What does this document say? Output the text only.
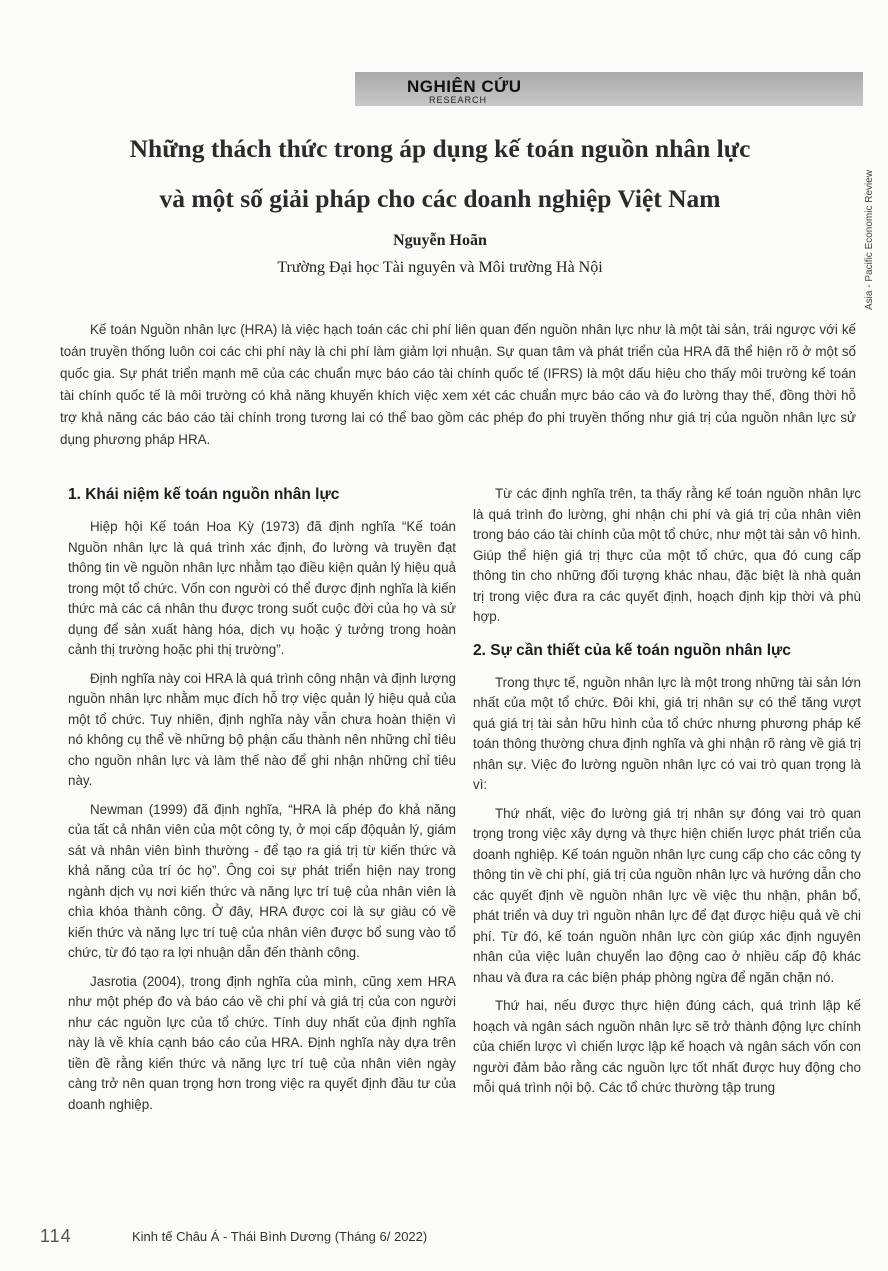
NGHIÊN CỨU
RESEARCH
Asia - Pacific Economic Review
Những thách thức trong áp dụng kế toán nguồn nhân lực
và một số giải pháp cho các doanh nghiệp Việt Nam
Nguyễn Hoãn
Trường Đại học Tài nguyên và Môi trường Hà Nội

Kế toán Nguồn nhân lực (HRA) là việc hạch toán các chi phí liên quan đến nguồn nhân lực như là một tài sản, trái ngược với kế toán truyền thống luôn coi các chi phí này là chi phí làm giảm lợi nhuận. Sự quan tâm và phát triển của HRA đã thể hiện rõ ở một số quốc gia. Sự phát triển mạnh mẽ của các chuẩn mực báo cáo tài chính quốc tế (IFRS) là một dấu hiệu cho thấy môi trường kế toán tài chính quốc tế là môi trường có khả năng khuyến khích việc xem xét các chuẩn mực báo cáo và đo lường thay thế, đồng thời hỗ trợ khả năng các báo cáo tài chính trong tương lai có thể bao gồm các phép đo phi truyền thống như giá trị của nguồn nhân lực sử dụng phương pháp HRA.

1. Khái niệm kế toán nguồn nhân lực

Hiệp hội Kế toán Hoa Kỳ (1973) đã định nghĩa “Kế toán Nguồn nhân lực là quá trình xác định, đo lường và truyền đạt thông tin về nguồn nhân lực nhằm tạo điều kiện quản lý hiệu quả trong một tổ chức. Vốn con người có thể được định nghĩa là kiến thức mà các cá nhân thu được trong suốt cuộc đời của họ và sử dụng để sản xuất hàng hóa, dịch vụ hoặc ý tưởng trong hoàn cảnh thị trường hoặc phi thị trường”.

Định nghĩa này coi HRA là quá trình công nhận và định lượng nguồn nhân lực nhằm mục đích hỗ trợ việc quản lý hiệu quả của một tổ chức. Tuy nhiên, định nghĩa này vẫn chưa hoàn thiện vì nó không cụ thể về những bộ phận cấu thành nên những chỉ tiêu cho nguồn nhân lực và làm thế nào để ghi nhận những chỉ tiêu này.

Newman (1999) đã định nghĩa, “HRA là phép đo khả năng của tất cả nhân viên của một công ty, ở mọi cấp độquản lý, giám sát và nhân viên bình thường - để tạo ra giá trị từ kiến thức và khả năng của trí óc họ”. Ông coi sự phát triển hiện nay trong ngành dịch vụ nơi kiến thức và năng lực trí tuệ của nhân viên là chìa khóa thành công. Ở đây, HRA được coi là sự giàu có về kiến thức và năng lực trí tuệ của nhân viên được bổ sung vào tổ chức, từ đó tạo ra lợi nhuận dẫn đến thành công.

Jasrotia (2004), trong định nghĩa của mình, cũng xem HRA như một phép đo và báo cáo về chi phí và giá trị của con người như các nguồn lực của tổ chức. Tính duy nhất của định nghĩa này là về khía cạnh báo cáo của HRA. Định nghĩa này dựa trên tiền đề rằng kiến thức và năng lực trí tuệ của nhân viên ngày càng trở nên quan trọng hơn trong việc ra quyết định đầu tư của doanh nghiệp.

Từ các định nghĩa trên, ta thấy rằng kế toán nguồn nhân lực là quá trình đo lường, ghi nhận chi phí và giá trị của nhân viên trong báo cáo tài chính của một tổ chức, như một tài sản vô hình. Giúp thể hiện giá trị thực của một tổ chức, qua đó cung cấp thông tin cho những đối tượng khác nhau, đặc biệt là nhà quản trị trong việc đưa ra các quyết định, hoạch định kịp thời và phù hợp.

2. Sự cần thiết của kế toán nguồn nhân lực

Trong thực tế, nguồn nhân lực là một trong những tài sản lớn nhất của một tổ chức. Đôi khi, giá trị nhân sự có thể tăng vượt quá giá trị tài sản hữu hình của tổ chức nhưng phương pháp kế toán thông thường chưa định nghĩa và ghi nhận rõ ràng về giá trị nhân sự. Việc đo lường nguồn nhân lực có vai trò quan trọng là vì:

Thứ nhất, việc đo lường giá trị nhân sự đóng vai trò quan trọng trong việc xây dựng và thực hiện chiến lược phát triển của doanh nghiệp. Kế toán nguồn nhân lực cung cấp cho các công ty thông tin về chi phí, giá trị của nguồn nhân lực và hướng dẫn cho các quyết định về nguồn nhân lực về việc thu nhận, phân bổ, phát triển và duy trì nguồn nhân lực để đạt được hiệu quả về chi phí. Từ đó, kế toán nguồn nhân lực còn giúp xác định nguyên nhân của việc luân chuyển lao động cao ở nhiều cấp độ khác nhau và đưa ra các biện pháp phòng ngừa để ngăn chặn nó.

Thứ hai, nếu được thực hiện đúng cách, quá trình lập kế hoạch và ngân sách nguồn nhân lực sẽ trở thành động lực chính của chiến lược vì chiến lược lập kế hoạch và ngân sách vốn con người đảm bảo rằng các nguồn lực tốt nhất được huy động cho mỗi quá trình nội bộ. Các tổ chức thường tập trung

114	Kinh tế Châu Á - Thái Bình Dương (Tháng 6/ 2022)
